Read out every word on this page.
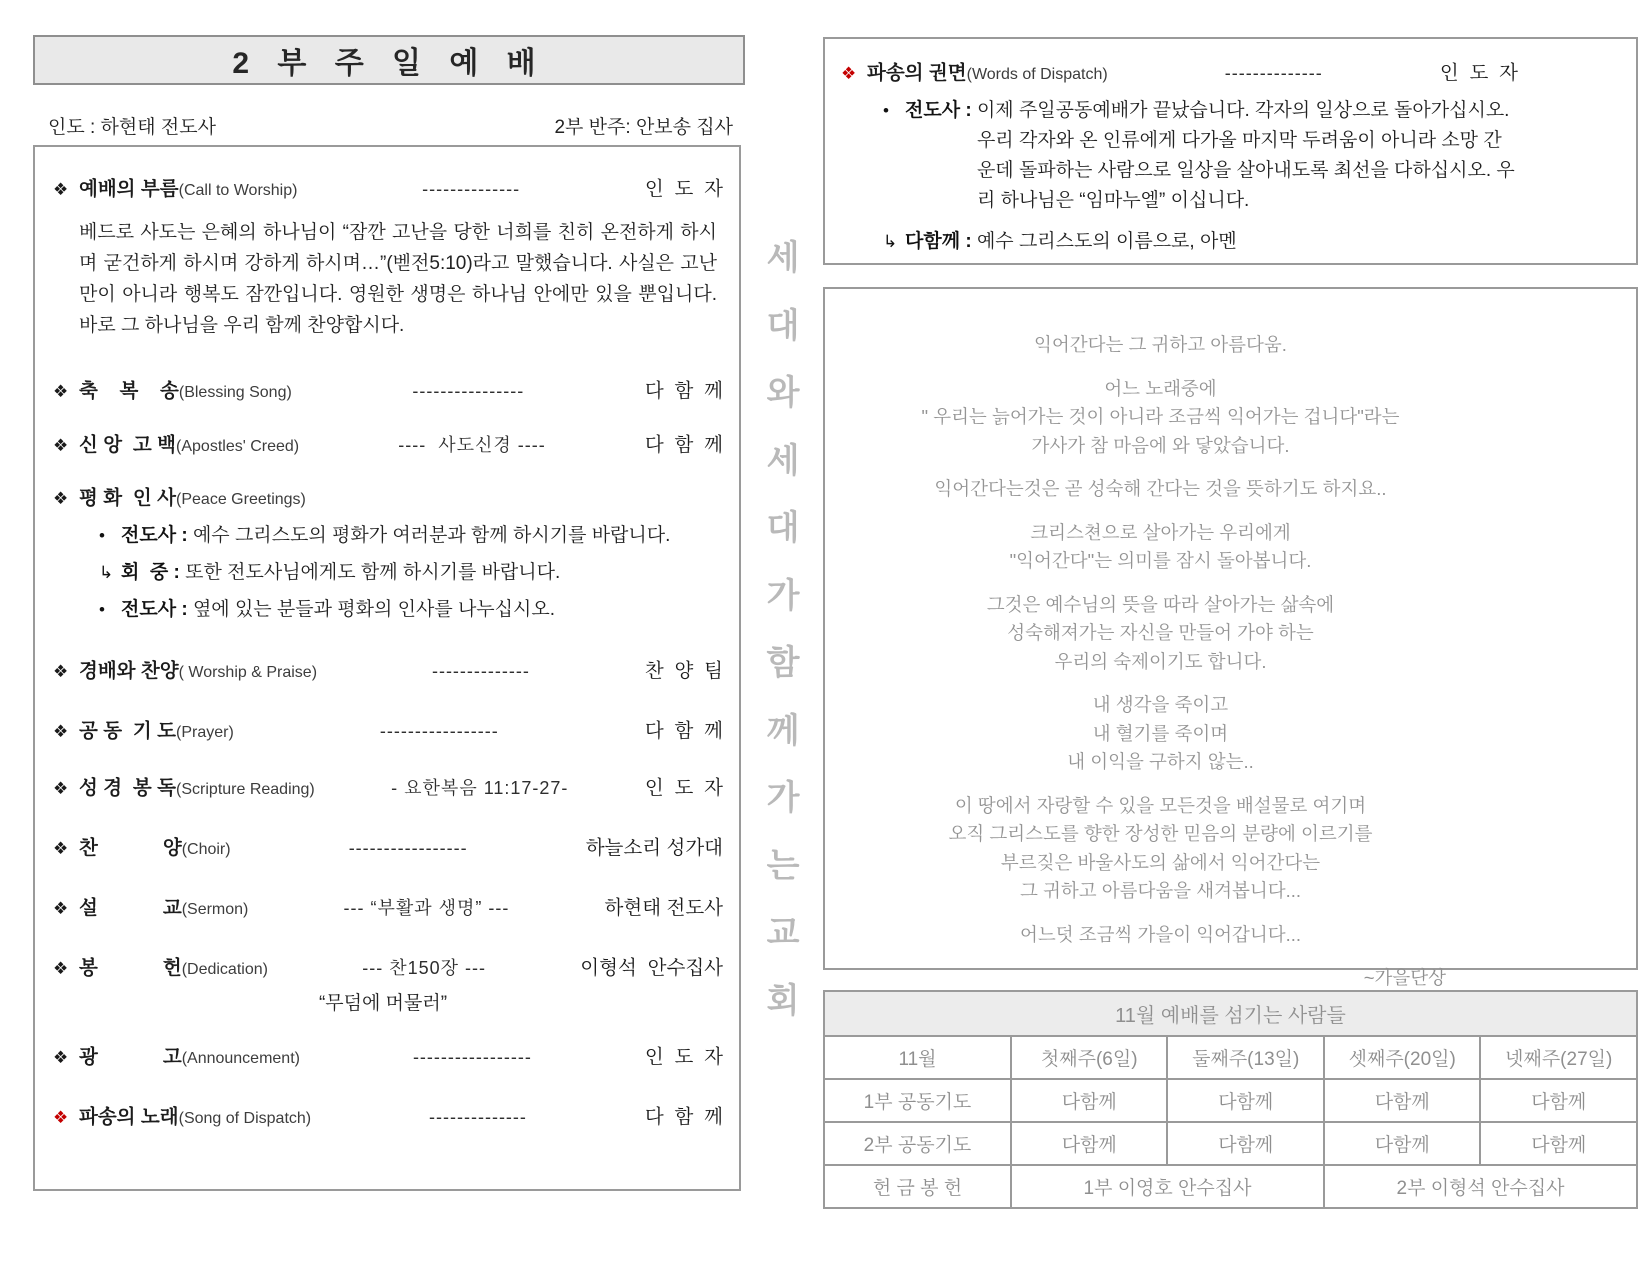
2 부 주 일 예 배
인도 : 하현태 전도사	2부 반주: 안보송 집사
❖ 예배의 부름 (Call to Worship)	--------------	인  도  자
베드로 사도는 은혜의 하나님이 “잠깐 고난을 당한 너희를 친히 온전하게 하시며 굳건하게 하시며 강하게 하시며…”(벧전5:10)라고 말했습니다. 사실은 고난만이 아니라 행복도 잠깐입니다. 영원한 생명은 하나님 안에만 있을 뿐입니다. 바로 그 하나님을 우리 함께 찬양합시다.
❖ 축    복    송 (Blessing Song)	----------------	다  함  께
❖ 신 앙  고 백 (Apostles' Creed)	----  사도신경 ----	다  함  께
❖ 평 화  인 사 (Peace Greetings)
• 전도사 : 예수 그리스도의 평화가 여러분과 함께 하시기를 바랍니다.
↳ 회  중 : 또한 전도사님에게도 함께 하시기를 바랍니다.
• 전도사 : 옆에 있는 분들과 평화의 인사를 나누십시오.
❖ 경배와 찬양 ( Worship & Praise)	--------------	찬  양  팀
❖ 공 동  기 도 (Prayer)	-----------------	다  함  께
❖ 성 경  봉 독 (Scripture Reading)	- 요한복음 11:17-27-	인  도  자
❖ 찬            양 (Choir)	-----------------	하늘소리 성가대
❖ 설            교 (Sermon)	--- “부활과 생명” ---	하현태 전도사
❖ 봉            헌 (Dedication)	--- 찬150장 ---	이형석  안수집사
“무덤에 머물러”
❖ 광            고 (Announcement)	-----------------	인  도  자
❖ 파송의 노래 (Song of Dispatch)	--------------	다  함  께
세
대
와
세
대
가
함
께
가
는
교
회
❖ 파송의 권면 (Words of Dispatch)	--------------	인  도  자
• 전도사 : 이제 주일공동예배가 끝났습니다. 각자의 일상으로 돌아가십시오. 우리 각자와 온 인류에게 다가올 마지막 두려움이 아니라 소망 간운데 돌파하는 사람으로 일상을 살아내도록 최선을 다하십시오. 우리 하나님은 “임마누엘” 이십니다.
↳ 다함께 : 예수 그리스도의 이름으로, 아멘
익어간다는 그 귀하고 아름다움.
어느 노래중에
" 우리는 늙어가는 것이 아니라 조금씩 익어가는 겁니다"라는
가사가 참 마음에 와 닿았습니다.
익어간다는것은 곧 성숙해 간다는 것을 뜻하기도 하지요..
크리스쳔으로 살아가는 우리에게
"익어간다"는 의미를 잠시 돌아봅니다.
그것은 예수님의 뜻을 따라 살아가는 삶속에
성숙해져가는 자신을 만들어 가야 하는
우리의 숙제이기도 합니다.
내 생각을 죽이고
내 혈기를 죽이며
내 이익을 구하지 않는..
이 땅에서 자랑할 수 있을 모든것을 배설물로 여기며
오직 그리스도를 향한 장성한 믿음의 분량에 이르기를
부르짖은 바울사도의 삶에서 익어간다는
그 귀하고 아름다움을 새겨봅니다...
어느덧 조금씩 가을이 익어갑니다...
~가을단상
11월 예배를 섬기는 사람들				
11월	첫째주(6일)	둘째주(13일)	셋째주(20일)	넷째주(27일)
1부 공동기도	다함께	다함께	다함께	다함께
2부 공동기도	다함께	다함께	다함께	다함께
헌 금 봉 헌	1부 이영호 안수집사		2부 이형석 안수집사	
